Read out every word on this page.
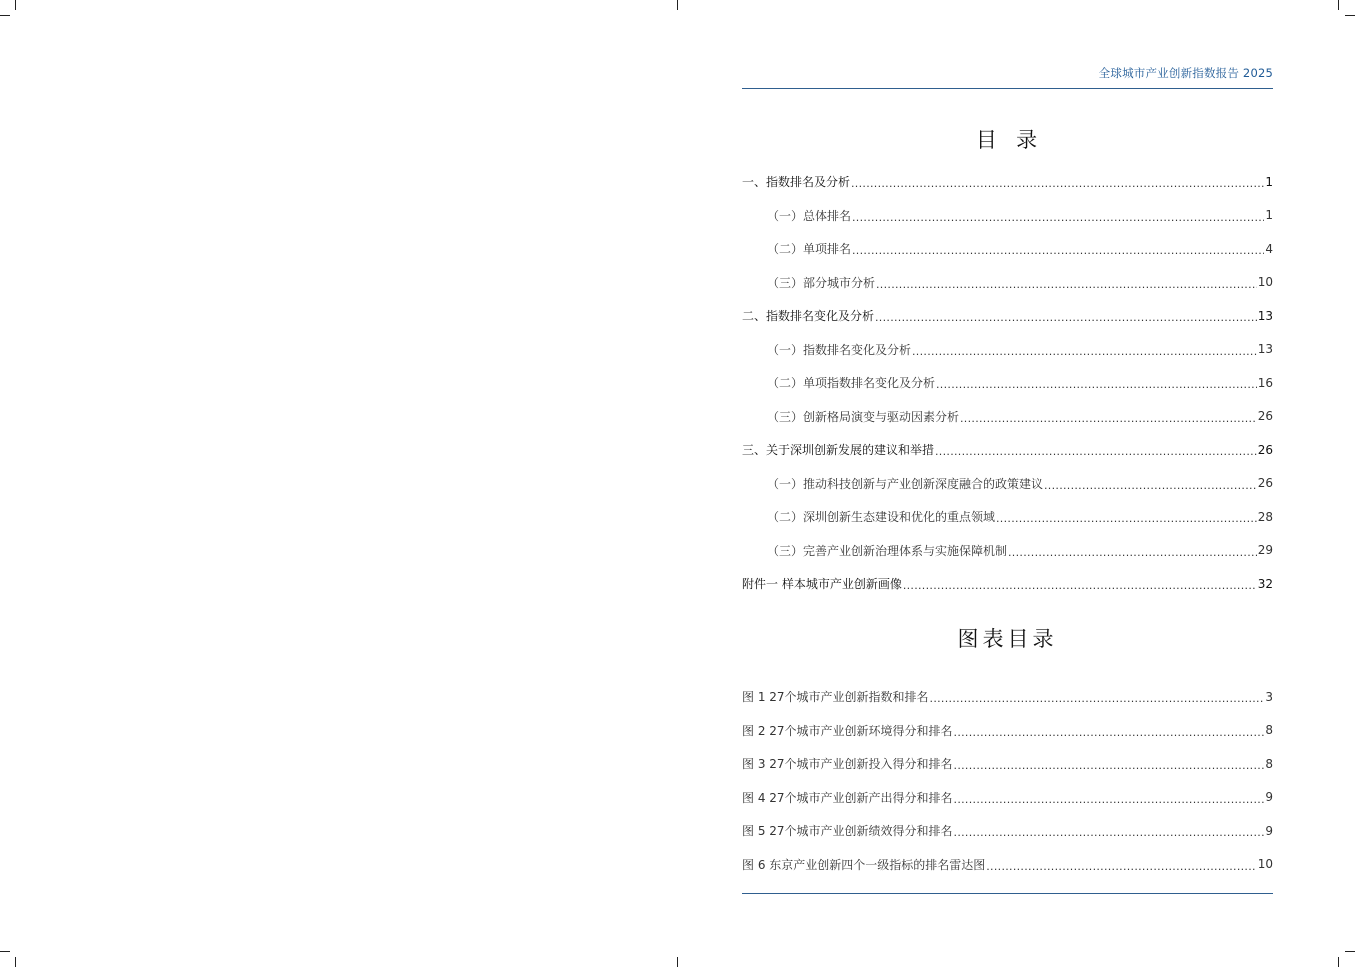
全球城市产业创新指数报告 2025
目  录
一、指数排名及分析 .....	1
（一）总体排名 .....	1
（二）单项排名 .....	4
（三）部分城市分析 .....	10
二、指数排名变化及分析 .....	13
（一）指数排名变化及分析 .....	13
（二）单项指数排名变化及分析 .....	16
（三）创新格局演变与驱动因素分析 .....	26
三、关于深圳创新发展的建议和举措 .....	26
（一）推动科技创新与产业创新深度融合的政策建议 .....	26
（二）深圳创新生态建设和优化的重点领域 .....	28
（三）完善产业创新治理体系与实施保障机制 .....	29
附件一 样本城市产业创新画像 .....	32
图表目录
图 1 27个城市产业创新指数和排名 .....	3
图 2 27个城市产业创新环境得分和排名 .....	8
图 3 27个城市产业创新投入得分和排名 .....	8
图 4 27个城市产业创新产出得分和排名 .....	9
图 5 27个城市产业创新绩效得分和排名 .....	9
图 6 东京产业创新四个一级指标的排名雷达图 .....	10
